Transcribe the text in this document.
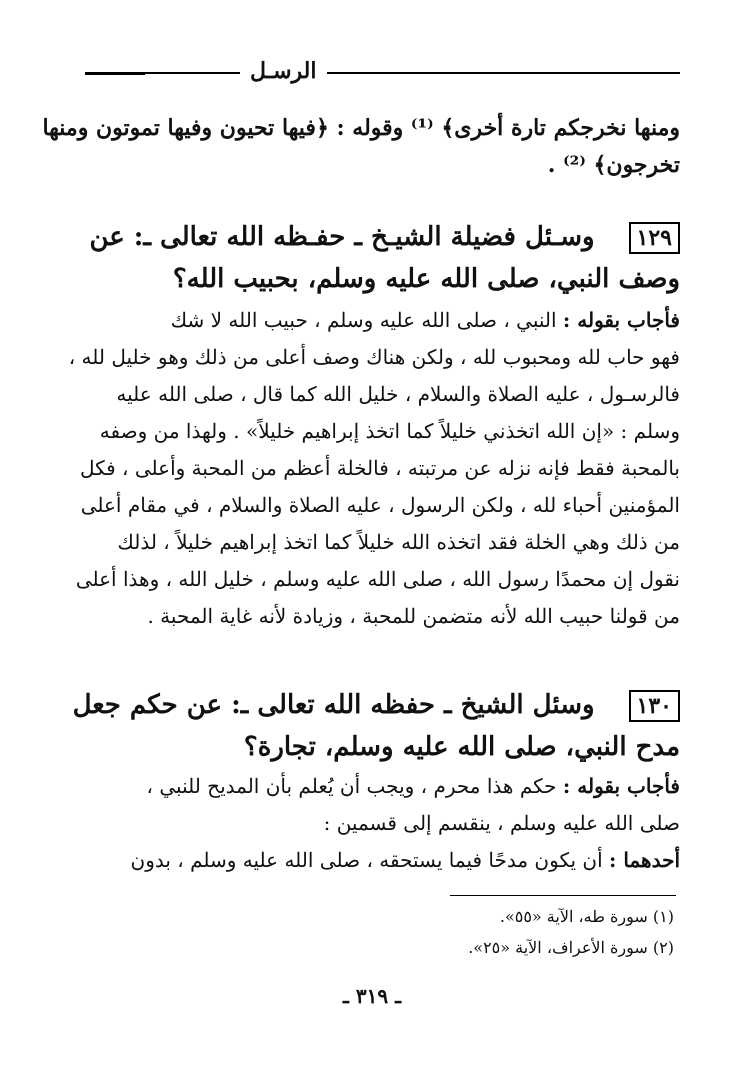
الرسـل
ومنها نخرجكم تارة أخرى﴾ ⁽¹⁾ وقوله : ﴿فيها تحيون وفيها تموتون ومنها
تخرجون﴾ ⁽²⁾ .
١٢٩وسـئل فضيلة الشيـخ ـ حفـظه الله تعالى ـ: عن
وصف النبي، صلى الله عليه وسلم، بحبيب الله؟
فأجاب بقوله : النبي ، صلى الله عليه وسلم ، حبيب الله لا شك
فهو حاب لله ومحبوب لله ، ولكن هناك وصف أعلى من ذلك وهو خليل لله ،
فالرسـول ، عليه الصلاة والسلام ، خليل الله كما قال ، صلى الله عليه
وسلم : «إن الله اتخذني خليلاً كما اتخذ إبراهيم خليلاً» . ولهذا من وصفه
بالمحبة فقط فإنه نزله عن مرتبته ، فالخلة أعظم من المحبة وأعلى ، فكل
المؤمنين أحباء لله ، ولكن الرسول ، عليه الصلاة والسلام ، في مقام أعلى
من ذلك وهي الخلة فقد اتخذه الله خليلاً كما اتخذ إبراهيم خليلاً ، لذلك
نقول إن محمدًا رسول الله ، صلى الله عليه وسلم ، خليل الله ، وهذا أعلى
من قولنا حبيب الله لأنه متضمن للمحبة ، وزيادة لأنه غاية المحبة .
١٣٠وسئل الشيخ ـ حفظه الله تعالى ـ: عن حكم جعل
مدح النبي، صلى الله عليه وسلم، تجارة؟
فأجاب بقوله : حكم هذا محرم ، ويجب أن يُعلم بأن المديح للنبي ،
صلى الله عليه وسلم ، ينقسم إلى قسمين :
أحدهما : أن يكون مدحًا فيما يستحقه ، صلى الله عليه وسلم ، بدون
(١) سورة طه، الآية «٥٥».
(٢) سورة الأعراف، الآية «٢٥».
ـ ٣١٩ ـ
